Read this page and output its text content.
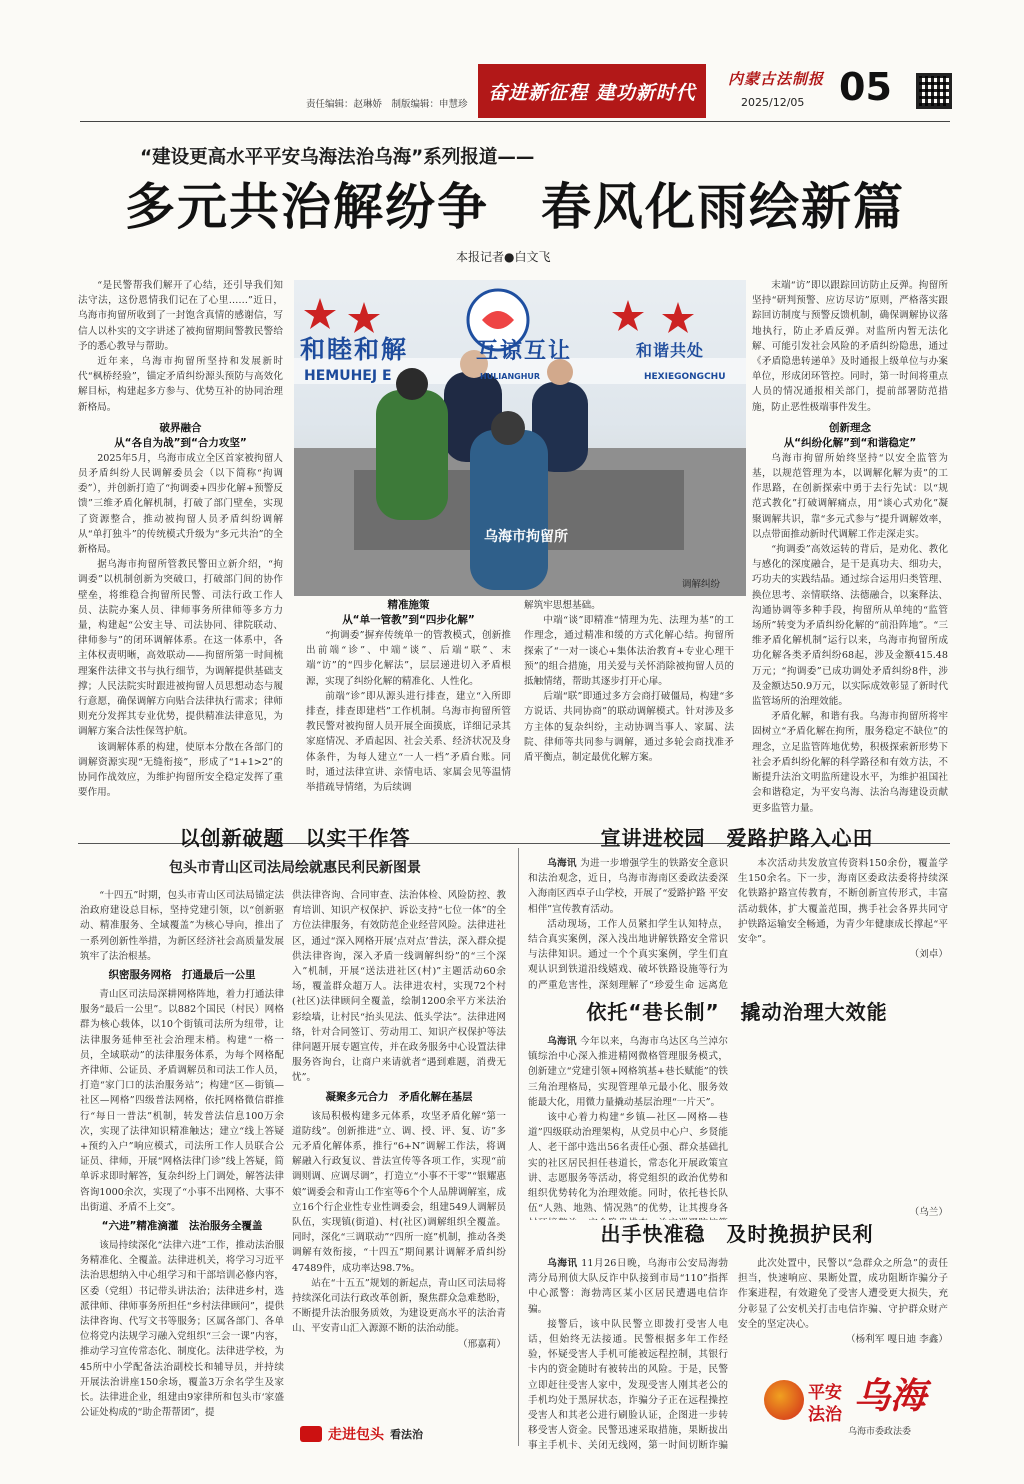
责任编辑：赵琳娇　制版编辑：申慧珍
奋进新征程 建功新时代
内蒙古法制报
2025/12/05 05
“建设更高水平平安乌海法治乌海”系列报道——
多元共治解纷争　春风化雨绘新篇
本报记者●白文飞

“是民警帮我们解开了心结，还引导我们知法守法，这份恩情我们记在了心里……”近日，乌海市拘留所收到了一封饱含真情的感谢信，写信人以朴实的文字讲述了被拘留期间警教民警给予的悉心教导与帮助。

近年来，乌海市拘留所坚持和发展新时代“枫桥经验”，锚定矛盾纠纷源头预防与高效化解目标，构建起多方参与、优势互补的协同治理新格局。

破界融合
从“各自为战”到“合力攻坚”

2025年5月，乌海市成立全区首家被拘留人员矛盾纠纷人民调解委员会（以下简称“拘调委”），并创新打造了“拘调委+四步化解+预警反馈”三维矛盾化解机制，打破了部门壁垒，实现了资源整合，推动被拘留人员矛盾纠纷调解从“单打独斗”的传统模式升级为“多元共治”的全新格局。

据乌海市拘留所管教民警田立新介绍，“拘调委”以机制创新为突破口，打破部门间的协作壁垒，将维稳合拘留所民警、司法行政工作人员、法院办案人员、律师事务所律师等多方力量，构建起“公安主导、司法协同、律院联动、律师参与”的闭环调解体系。在这一体系中，各主体权责明晰，高效联动——拘留所第一时间梳理案件法律文书与执行细节，为调解提供基础支撑；人民法院实时跟进被拘留人员思想动态与履行意愿，确保调解方向贴合法律执行需求；律师则充分发挥其专业优势，提供精准法律意见，为调解方案合法性保驾护航。

该调解体系的构建，使原本分散在各部门的调解资源实现“无缝衔接”，形成了“1+1>2”的协同作战效应，为维护拘留所安全稳定发挥了重要作用。

和睦和解	互谅互让	和谐共处
HEMUHEJ E	HULIANGHUR	HEXIEGONGCHU
乌海市拘留所
调解纠纷
精准施策
从“单一管教”到“四步化解”

“拘调委”摒弃传统单一的管教模式，创新推出前端“诊”、中端“谈”、后端“联”、末端“访”的“四步化解法”，层层递进切入矛盾根源，实现了纠纷化解的精准化、人性化。

前端“诊”即从源头进行排查，建立“入所即排查，排查即建档”工作机制。乌海市拘留所管教民警对被拘留人员开展全面摸底，详细记录其家庭情况、矛盾起因、社会关系、经济状况及身体条件，为每人建立“一人一档”矛盾台账。同时，通过法律宣讲、亲情电话、家属会见等温情举措疏导情绪，为后续调

解筑牢思想基础。

中端“谈”即精准“情理为先、法理为基”的工作理念，通过精准和缓的方式化解心结。拘留所探索了“一对一谈心+集体法治教育+专业心理干预”的组合措施，用关爱与关怀消除被拘留人员的抵触情绪，帮助其逐步打开心扉。

后端“联”即通过多方会商打破僵局，构建“多方说话、共同协商”的联动调解模式。针对涉及多方主体的复杂纠纷，主动协调当事人、家属、法院、律师等共同参与调解，通过多轮会商找准矛盾平衡点，制定最优化解方案。

末端“访”即以跟踪回访防止反弹。拘留所坚持“研判预警、应访尽访”原则，严格落实跟踪回访制度与预警反馈机制，确保调解协议落地执行，防止矛盾反弹。对监所内暂无法化解、可能引发社会风险的矛盾纠纷隐患，通过《矛盾隐患转递单》及时通报上级单位与办案单位，形成闭环管控。同时，第一时间将重点人员的情况通报相关部门，提前部署防范措施，防止恶性极端事件发生。

创新理念
从“纠纷化解”到“和谐稳定”

乌海市拘留所始终坚持“以安全监管为基，以规范管理为本，以调解化解为责”的工作思路，在创新探索中勇于去行先试：以“规范式教化”打破调解痛点，用“谈心式劝化”凝聚调解共识，靠“多元式参与”提升调解效率，以点带面推动新时代调解工作走深走实。

“拘调委”高效运转的背后，是劝化、教化与感化的深度融合，是干是真功夫、细功夫，巧功夫的实践结晶。通过综合运用归类管理、换位思考、亲情联络、法德融合，以案释法、沟通协调等多种手段，拘留所从单纯的“监管场所”转变为矛盾纠纷化解的“前沿阵地”。“三维矛盾化解机制”运行以来，乌海市拘留所成功化解各类矛盾纠纷68起，涉及金额415.48万元；“拘调委”已成功调处矛盾纠纷8件，涉及金额达50.9万元，以实际成效彰显了新时代监管场所的治理效能。

矛盾化解，和谐有我。乌海市拘留所将牢固树立“矛盾化解在拘所，服务稳定不缺位”的理念，立足监管阵地优势，积极探索新形势下社会矛盾纠纷化解的科学路径和有效方法，不断提升法治文明监所建设水平，为维护祖国社会和谐稳定，为平安乌海、法治乌海建设贡献更多监管力量。

以创新破题　以实干作答
包头市青山区司法局绘就惠民利民新图景

“十四五”时期，包头市青山区司法局锚定法治政府建设总目标，坚持党建引领，以“创新驱动、精准服务、全域覆盖”为核心导向，推出了一系列创新性举措，为新区经济社会高质量发展筑牢了法治根基。

织密服务网格　打通最后一公里

青山区司法局深耕网格阵地，着力打通法律服务“最后一公里”。以882个国民（村民）网格群为核心载体，以10个街镇司法所为纽带，让法律服务延伸至社会治理末梢。构建“一格一员，全域联动”的法律服务体系，为每个网格配齐律师、公证员、矛盾调解员和司法工作人员，打造“家门口的法治服务站”；构建“区—街镇—社区—网格”四级普法网格，依托网格微信群推行“每日一普法”机制，转发普法信息100万余次，实现了法律知识精准触达；建立“线上答疑+预约入户”响应模式，司法所工作人员联合公证员、律师，开展“网格法律门诊”线上答疑，简单诉求即时解答，复杂纠纷上门调处，解答法律咨询1000余次，实现了“小事不出网格、大事不出街道、矛盾不上交”。

“六进”精准滴灌　法治服务全覆盖

该局持续深化“法律六进”工作，推动法治服务精准化、全覆盖。法律进机关，将学习习近平法治思想纳入中心组学习和干部培训必修内容，区委（党组）书记带头讲法治；法律进乡村，选派律师、律师事务所担任“乡村法律顾问”，提供法律咨询、代写文书等服务；区属各部门、各单位将党内法规学习融入党组织“三会一课”内容，推动学习宣传常态化、制度化。法律进学校，为45所中小学配备法治副校长和辅导员，并持续开展法治讲座150余场，覆盖3万余名学生及家长。法律进企业，组建由9家律所和包头市‘家盛公证处构成的“助企帮帮团”，提

供法律咨询、合同审查、法治体检、风险防控、教育培训、知识产权保护、诉讼支持“七位一体”的全方位法律服务，有效防范企业经营风险。法律进社区，通过“深入网格开展‘点对点’普法，深入群众提供法律咨询，深入矛盾一线调解纠纷”的“三个深入”机制，开展“送法进社区(村)”主题活动60余场，覆盖群众超万人。法律进农村，实现72个村(社区)法律顾问全覆盖，绘制1200余平方米法治彩绘墙，让村民“抬头见法、低头学法”。法律进网络，针对合同签订、劳动用工、知识产权保护等法律问题开展专题宣传，并在政务服务中心设置法律服务咨询台，让商户来请就者“遇到难题，消费无忧”。

凝聚多元合力　矛盾化解在基层

该局积极构建多元体系，攻坚矛盾化解“第一道防线”。创新推进“立、调、授、评、复、访”多元矛盾化解体系，推行“6+N”调解工作法，将调解融入行政复议、普法宣传等各项工作，实现“前调则调、应调尽调”，打造立“小事不干零”“银耀惠娘”调委会和青山工作室等6个个人品牌调解室，成立16个行企业性专业性调委会，组建549人调解员队伍，实现镇(街道)、村(社区)调解组织全覆盖。同时，深化“三调联动”“四所一庭”机制，推动各类调解有效衔接，“十四五”期间累计调解矛盾纠纷47489件，成功率达98.7%。

站在“十五五”规划的新起点，青山区司法局将持续深化司法行政改革创新，聚焦群众急难愁盼，不断提升法治服务质效，为建设更高水平的法治青山、平安青山汇入源源不断的法治动能。

（邢嘉莉）
走进包头 看法治
宣讲进校园　爱路护路入心田

乌海讯 为进一步增强学生的铁路安全意识和法治观念，近日，乌海市海南区委政法委深入海南区西卓子山学校，开展了“爱路护路 平安相伴”宣传教育活动。

活动现场，工作人员紧扣学生认知特点，结合真实案例，深入浅出地讲解铁路安全常识与法律知识。通过一个个真实案例，学生们直观认识到铁道沿线嬉戏、破坏铁路设施等行为的严重危害性，深刻理解了“珍爱生命 远离危

本次活动共发放宣传资料150余份，覆盖学生150余名。下一步，海南区委政法委将持续深化铁路护路宣传教育，不断创新宣传形式，丰富活动载体，扩大覆盖范围，携手社会各界共同守护铁路运输安全畅通，为青少年健康成长撑起“平安伞”。

（刘卓）
依托“巷长制”　撬动治理大效能

乌海讯 今年以来，乌海市乌达区乌兰淖尔镇综治中心深入推进精网微格管理服务模式，创新建立“党建引领+网格筑基+巷长赋能”的铁三角治理格局，实现管理单元最小化、服务效能最大化，用微力量撬动基层治理“一片天”。

该中心着力构建“乡镇—社区—网格—巷道”四级联动治理架构，从党员中心户、乡贤能人、老干部中选出56名责任心强、群众基础扎实的社区居民担任巷道长，常态化开展政策宣讲、志愿服务等活动，将党组织的政治优势和组织优势转化为治理效能。同时，依托巷长队伍“人熟、地熟、情况熟”的优势，让其搜身各	（乌兰）
出手快准稳　及时挽损护民利

乌海讯 11月26日晚，乌海市公安局海勃湾分局刑侦大队反诈中队接到市局“110”指挥中心派警：海勃湾区某小区居民遭遇电信诈骗。

接警后，该中队民警立即拨打受害人电话，但始终无法接通。民警根据多年工作经验，怀疑受害人手机可能被远程控制，其银行卡内的资金随时有被转出的风险。于是，民警立即赶往受害人家中，发现受害人刚其老公的手机均处于黑屏状态，诈骗分子正在远程操控受害人和其老公进行刷脸认证，企图进一步转移受害人资金。民警迅速采取措施，果断拔出事主手机卡、关闭无线网，第一时间切断诈骗

此次处置中，民警以“急群众之所急”的责任担当，快速响应、果断处置，成功阻断诈骗分子作案进程，有效避免了受害人遭受更大损失，充分彰显了公安机关打击电信诈骗、守护群众财产安全的坚定决心。

（杨利军 嘎日迪 李鑫）
平安
法治 乌海
乌海市委政法委
